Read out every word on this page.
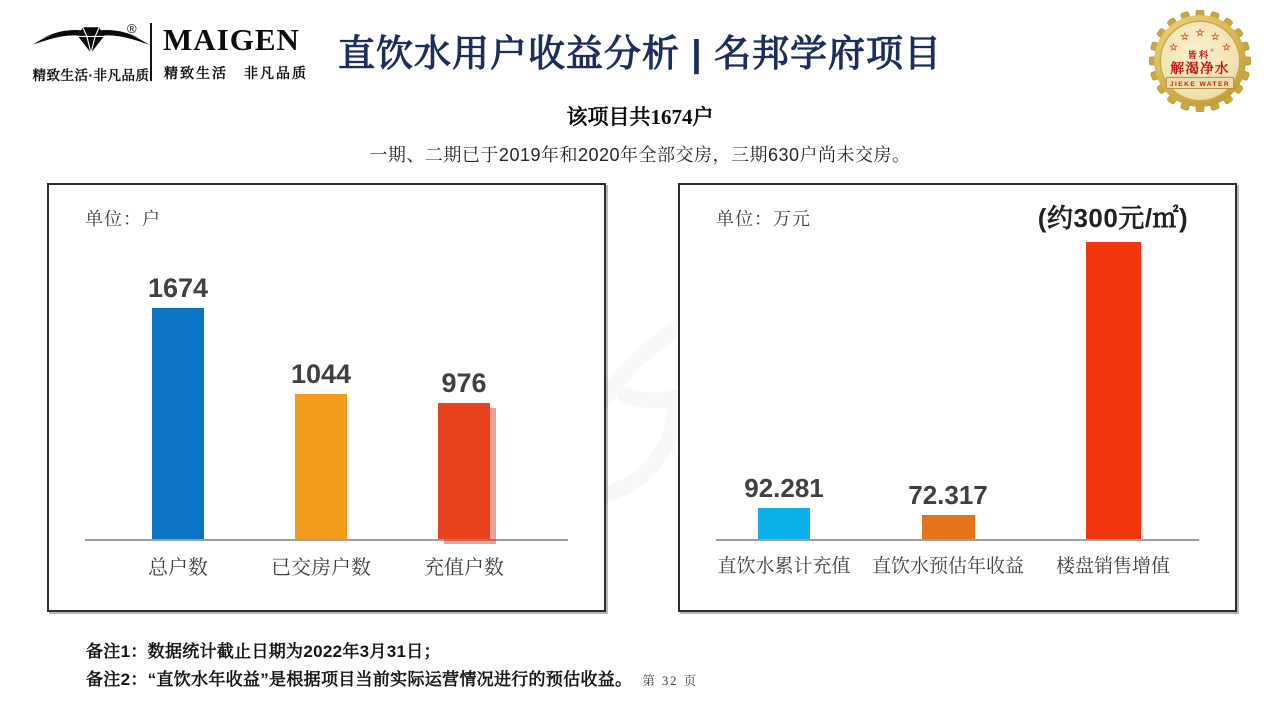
®
精致生活·非凡品质
MAIGEN
精致生活　非凡品质 直饮水用户收益分析 | 名邦学府项目	★
★ ★ ★
★
皆科 ®
解渴净水
JIEKE WATER
该项目共1674户
一期、二期已于2019年和2020年全部交房，三期630户尚未交房。
单位：户
1674
总户数
1044
已交房户数
976
充值户数
单位：万元
92.281
直饮水累计充值
72.317
直饮水预估年收益
(约300元/㎡)
楼盘销售增值
备注1：数据统计截止日期为2022年3月31日；
备注2：“直饮水年收益”是根据项目当前实际运营情况进行的预估收益。 第 32 页
